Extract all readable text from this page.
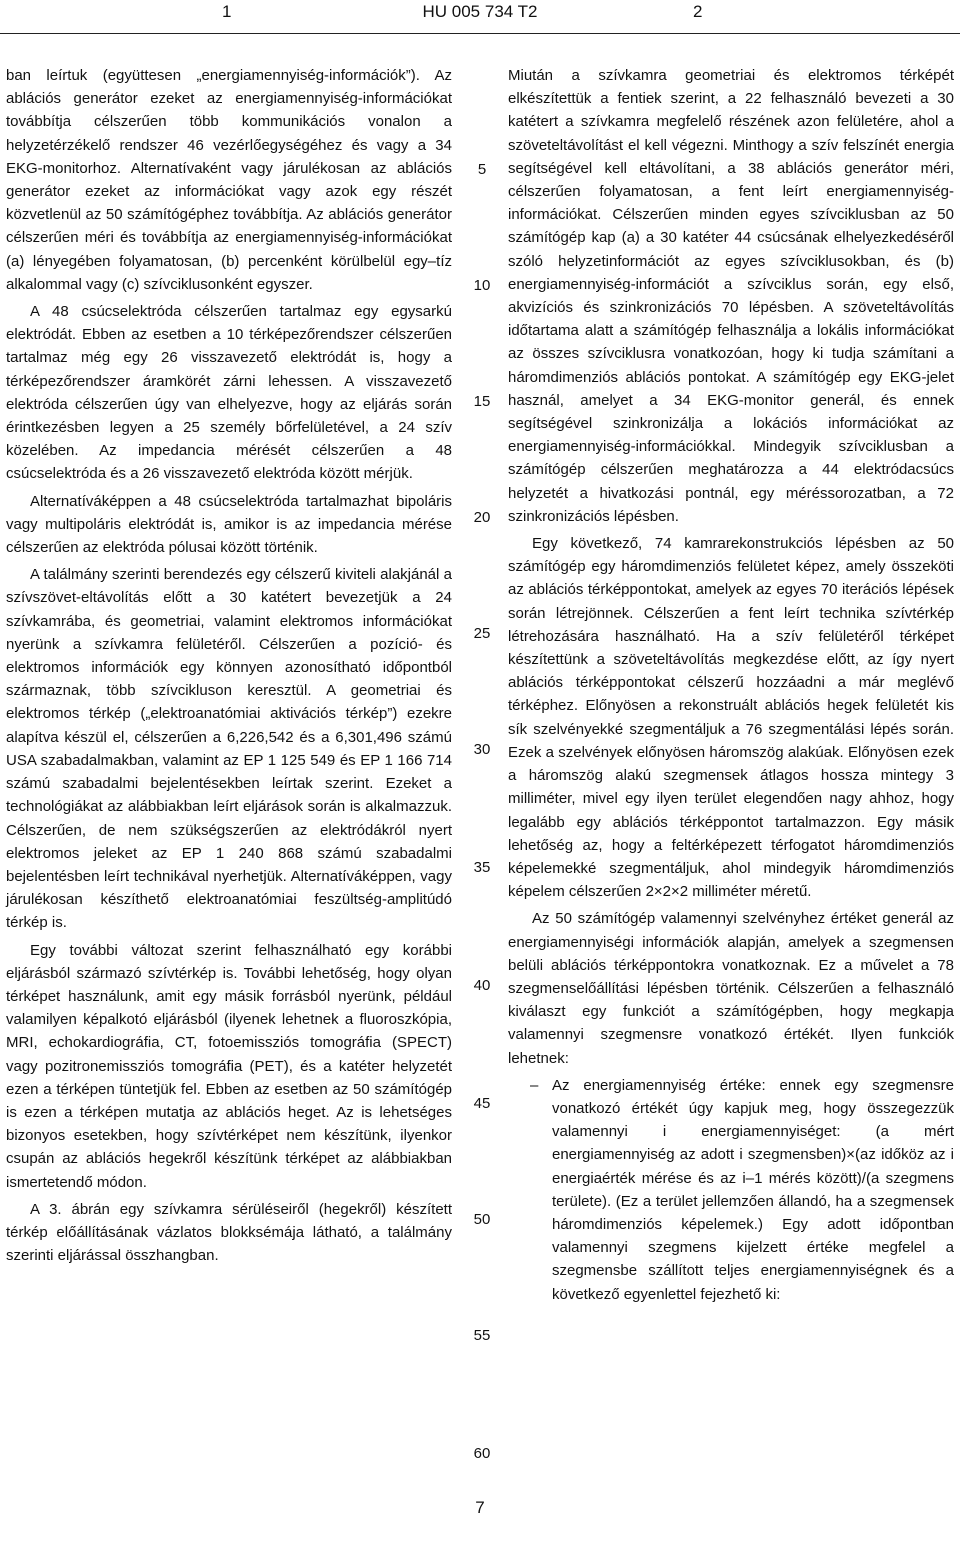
1	HU 005 734 T2	2

ban leírtuk (együttesen „energiamennyiség-információk”). Az ablációs generátor ezeket az energiamennyiség-információkat továbbítja célszerűen több kommunikációs vonalon a helyzetérzékelő rendszer 46 vezérlőegységéhez és vagy a 34 EKG-monitorhoz. Alternatívaként vagy járulékosan az ablációs generátor ezeket az információkat vagy azok egy részét közvetlenül az 50 számítógéphez továbbítja. Az ablációs generátor célszerűen méri és továbbítja az energiamennyiség-információkat (a) lényegében folyamatosan, (b) percenként körülbelül egy–tíz alkalommal vagy (c) szívciklusonként egyszer.

A 48 csúcselektróda célszerűen tartalmaz egy egysarkú elektródát. Ebben az esetben a 10 térképezőrendszer célszerűen tartalmaz még egy 26 visszavezető elektródát is, hogy a térképezőrendszer áramkörét zárni lehessen. A visszavezető elektróda célszerűen úgy van elhelyezve, hogy az eljárás során érintkezésben legyen a 25 személy bőrfelületével, a 24 szív közelében. Az impedancia mérését célszerűen a 48 csúcselektróda és a 26 visszavezető elektróda között mérjük.

Alternatíváképpen a 48 csúcselektróda tartalmazhat bipoláris vagy multipoláris elektródát is, amikor is az impedancia mérése célszerűen az elektróda pólusai között történik.

A találmány szerinti berendezés egy célszerű kiviteli alakjánál a szívszövet-eltávolítás előtt a 30 katétert bevezetjük a 24 szívkamrába, és geometriai, valamint elektromos információkat nyerünk a szívkamra felületéről. Célszerűen a pozíció- és elektromos információk egy könnyen azonosítható időpontból származnak, több szívcikluson keresztül. A geometriai és elektromos térkép („elektroanatómiai aktivációs térkép”) ezekre alapítva készül el, célszerűen a 6,226,542 és a 6,301,496 számú USA szabadalmakban, valamint az EP 1 125 549 és EP 1 166 714 számú szabadalmi bejelentésekben leírtak szerint. Ezeket a technológiákat az alábbiakban leírt eljárások során is alkalmazzuk. Célszerűen, de nem szükségszerűen az elektródákról nyert elektromos jeleket az EP 1 240 868 számú szabadalmi bejelentésben leírt technikával nyerhetjük. Alternatíváképpen, vagy járulékosan készíthető elektroanatómiai feszültség-amplitúdó térkép is.

Egy további változat szerint felhasználható egy korábbi eljárásból származó szívtérkép is. További lehetőség, hogy olyan térképet használunk, amit egy másik forrásból nyerünk, például valamilyen képalkotó eljárásból (ilyenek lehetnek a fluoroszkópia, MRI, echokardiográfia, CT, fotoemissziós tomográfia (SPECT) vagy pozitronemissziós tomográfia (PET), és a katéter helyzetét ezen a térképen tüntetjük fel. Ebben az esetben az 50 számítógép is ezen a térképen mutatja az ablációs heget. Az is lehetséges bizonyos esetekben, hogy szívtérképet nem készítünk, ilyenkor csupán az ablációs hegekről készítünk térképet az alábbiakban ismertetendő módon.

A 3. ábrán egy szívkamra sérüléseiről (hegekről) készített térkép előállításának vázlatos blokksémája látható, a találmány szerinti eljárással összhangban.

5
10
15
20
25
30
35
40
45
50
55
60

Miután a szívkamra geometriai és elektromos térképét elkészítettük a fentiek szerint, a 22 felhasználó bevezeti a 30 katétert a szívkamra megfelelő részének azon felületére, ahol a szöveteltávolítást el kell végezni. Minthogy a szív felszínét energia segítségével kell eltávolítani, a 38 ablációs generátor méri, célszerűen folyamatosan, a fent leírt energiamennyiség-információkat. Célszerűen minden egyes szívciklusban az 50 számítógép kap (a) a 30 katéter 44 csúcsának elhelyezkedéséről szóló helyzetinformációt az egyes szívciklusokban, és (b) energiamennyiség-információt a szívciklus során, egy első, akvizíciós és szinkronizációs 70 lépésben. A szöveteltávolítás időtartama alatt a számítógép felhasználja a lokális információkat az összes szívciklusra vonatkozóan, hogy ki tudja számítani a háromdimenziós ablációs pontokat. A számítógép egy EKG-jelet használ, amelyet a 34 EKG-monitor generál, és ennek segítségével szinkronizálja a lokációs információkat az energiamennyiség-információkkal. Mindegyik szívciklusban a számítógép célszerűen meghatározza a 44 elektródacsúcs helyzetét a hivatkozási pontnál, egy méréssorozatban, a 72 szinkronizációs lépésben.

Egy következő, 74 kamrarekonstrukciós lépésben az 50 számítógép egy háromdimenziós felületet képez, amely összeköti az ablációs térképpontokat, amelyek az egyes 70 iterációs lépések során létrejönnek. Célszerűen a fent leírt technika szívtérkép létrehozására használható. Ha a szív felületéről térképet készítettünk a szöveteltávolítás megkezdése előtt, az így nyert ablációs térképpontokat célszerű hozzáadni a már meglévő térképhez. Előnyösen a rekonstruált ablációs hegek felületét kis sík szelvényekké szegmentáljuk a 76 szegmentálási lépés során. Ezek a szelvények előnyösen háromszög alakúak. Előnyösen ezek a háromszög alakú szegmensek átlagos hossza mintegy 3 milliméter, mivel egy ilyen terület elegendően nagy ahhoz, hogy legalább egy ablációs térképpontot tartalmazzon. Egy másik lehetőség az, hogy a feltérképezett térfogatot háromdimenziós képelemekké szegmentáljuk, ahol mindegyik háromdimenziós képelem célszerűen 2×2×2 milliméter méretű.

Az 50 számítógép valamennyi szelvényhez értéket generál az energiamennyiségi információk alapján, amelyek a szegmensen belüli ablációs térképpontokra vonatkoznak. Ez a művelet a 78 szegmenselőállítási lépésben történik. Célszerűen a felhasználó kiválaszt egy funkciót a számítógépben, hogy megkapja valamennyi szegmensre vonatkozó értékét. Ilyen funkciók lehetnek:

– Az energiamennyiség értéke: ennek egy szegmensre vonatkozó értékét úgy kapjuk meg, hogy összegezzük valamennyi i energiamennyiséget: (a mért energiamennyiség az adott i szegmensben)×(az időköz az i energiaérték mérése és az i–1 mérés között)/(a szegmens területe). (Ez a terület jellemzően állandó, ha a szegmensek háromdimenziós képelemek.) Egy adott időpontban valamennyi szegmens kijelzett értéke megfelel a szegmensbe szállított teljes energiamennyiségnek és a következő egyenlettel fejezhető ki:
7
